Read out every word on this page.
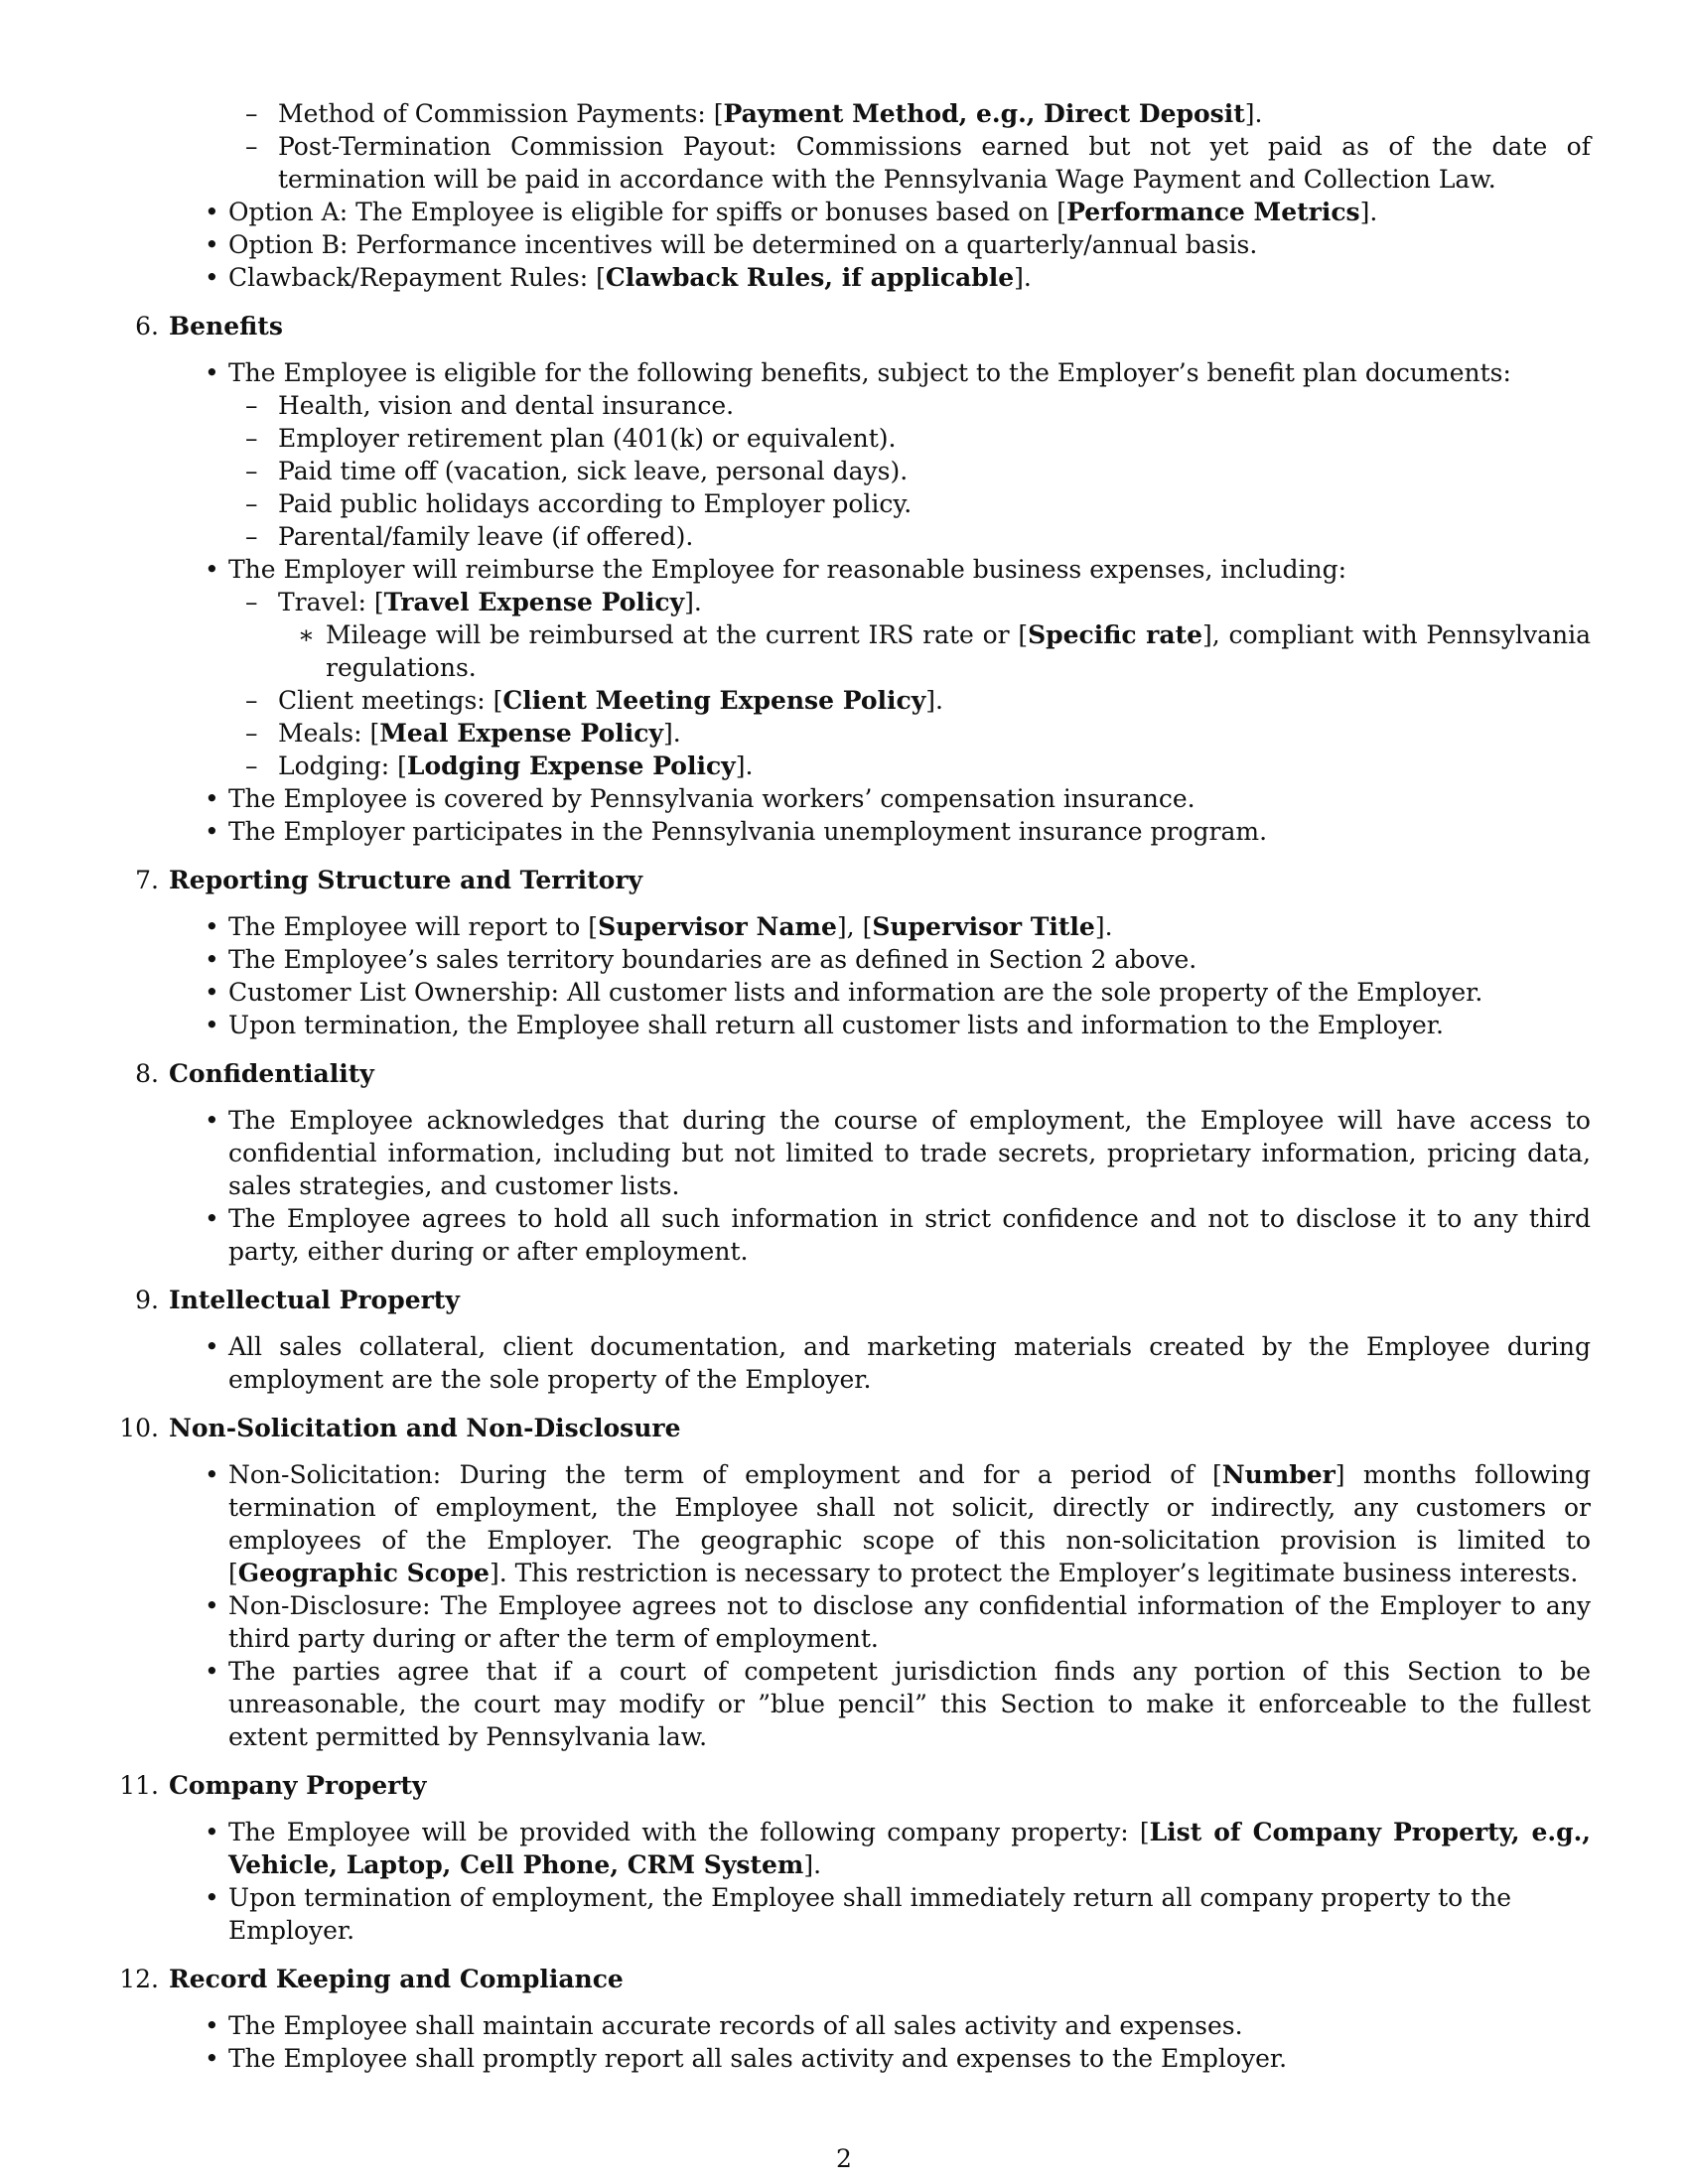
– Method of Commission Payments: [Payment Method, e.g., Direct Deposit].
– Post-Termination Commission Payout: Commissions earned but not yet paid as of the date of termination will be paid in accordance with the Pennsylvania Wage Payment and Collection Law.
• Option A: The Employee is eligible for spiffs or bonuses based on [Performance Metrics].
• Option B: Performance incentives will be determined on a quarterly/annual basis.
• Clawback/Repayment Rules: [Clawback Rules, if applicable].
6. Benefits
• The Employee is eligible for the following benefits, subject to the Employer’s benefit plan documents:
– Health, vision and dental insurance.
– Employer retirement plan (401(k) or equivalent).
– Paid time off (vacation, sick leave, personal days).
– Paid public holidays according to Employer policy.
– Parental/family leave (if offered).
• The Employer will reimburse the Employee for reasonable business expenses, including:
– Travel: [Travel Expense Policy].
∗ Mileage will be reimbursed at the current IRS rate or [Specific rate], compliant with Pennsylvania regulations.
– Client meetings: [Client Meeting Expense Policy].
– Meals: [Meal Expense Policy].
– Lodging: [Lodging Expense Policy].
• The Employee is covered by Pennsylvania workers’ compensation insurance.
• The Employer participates in the Pennsylvania unemployment insurance program.
7. Reporting Structure and Territory
• The Employee will report to [Supervisor Name], [Supervisor Title].
• The Employee’s sales territory boundaries are as defined in Section 2 above.
• Customer List Ownership: All customer lists and information are the sole property of the Employer.
• Upon termination, the Employee shall return all customer lists and information to the Employer.
8. Confidentiality
• The Employee acknowledges that during the course of employment, the Employee will have access to confidential information, including but not limited to trade secrets, proprietary information, pricing data, sales strategies, and customer lists.
• The Employee agrees to hold all such information in strict confidence and not to disclose it to any third party, either during or after employment.
9. Intellectual Property
• All sales collateral, client documentation, and marketing materials created by the Employee during employment are the sole property of the Employer.
10. Non-Solicitation and Non-Disclosure
• Non-Solicitation: During the term of employment and for a period of [Number] months following termination of employment, the Employee shall not solicit, directly or indirectly, any customers or employees of the Employer. The geographic scope of this non-solicitation provision is limited to [Geographic Scope]. This restriction is necessary to protect the Employer’s legitimate business interests.
• Non-Disclosure: The Employee agrees not to disclose any confidential information of the Employer to any third party during or after the term of employment.
• The parties agree that if a court of competent jurisdiction finds any portion of this Section to be unreasonable, the court may modify or ”blue pencil” this Section to make it enforceable to the fullest extent permitted by Pennsylvania law.
11. Company Property
• The Employee will be provided with the following company property: [List of Company Property, e.g., Vehicle, Laptop, Cell Phone, CRM System].
• Upon termination of employment, the Employee shall immediately return all company property to the Employer.
12. Record Keeping and Compliance
• The Employee shall maintain accurate records of all sales activity and expenses.
• The Employee shall promptly report all sales activity and expenses to the Employer.
2
